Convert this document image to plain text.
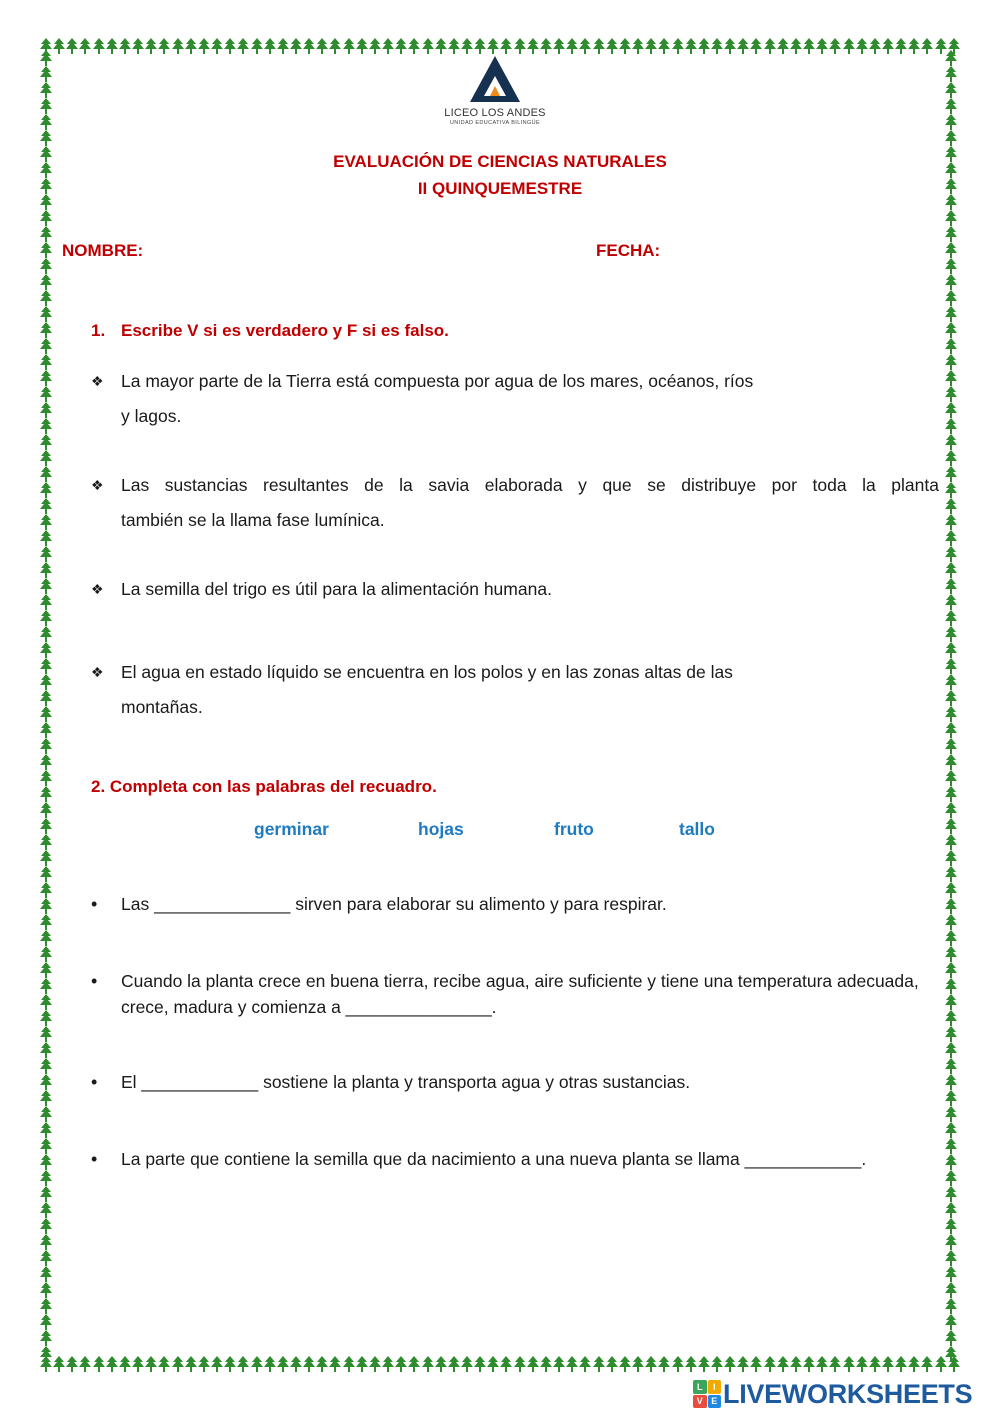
LICEO LOS ANDES
UNIDAD EDUCATIVA BILINGÜE
EVALUACIÓN DE CIENCIAS NATURALES
II QUINQUEMESTRE
NOMBRE:	FECHA:
1. Escribe V si es verdadero y F si es falso.
❖ La mayor parte de la Tierra está compuesta por agua de los mares, océanos, ríos
y lagos.
❖ Las sustancias resultantes de la savia elaborada y que se distribuye por toda la planta
también se la llama fase lumínica.
❖ La semilla del trigo es útil para la alimentación humana.
❖ El agua en estado líquido se encuentra en los polos y en las zonas altas de las
montañas.
2. Completa con las palabras del recuadro.
germinar	hojas	fruto	tallo
•	Las ______________ sirven para elaborar su alimento y para respirar.
•	Cuando la planta crece en buena tierra, recibe agua, aire suficiente y tiene una temperatura adecuada, crece, madura y comienza a _______________.
•	El ____________ sostiene la planta y transporta agua y otras sustancias.
•	La parte que contiene la semilla que da nacimiento a una nueva planta se llama ____________.
L	I
V E LIVEWORKSHEETS
